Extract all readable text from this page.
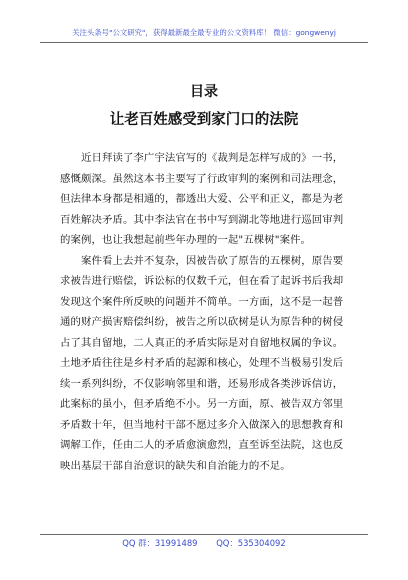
关注头条号"公文研究"，获得最新最全最专业的公文资料库！ 微信：gongwenyj
目录
让老百姓感受到家门口的法院
　　近日拜读了李广宇法官写的《裁判是怎样写成的》一书，
感慨颇深。虽然这本书主要写了行政审判的案例和司法理念，
但法律本身都是相通的，都透出大爱、公平和正义，都是为老
百姓解决矛盾。其中李法官在书中写到湖北等地进行巡回审判
的案例，也让我想起前些年办理的一起"五棵树"案件。
　　案件看上去并不复杂，因被告砍了原告的五棵树，原告要
求被告进行赔偿，诉讼标的仅数千元，但在看了起诉书后我却
发现这个案件所反映的问题并不简单。一方面，这不是一起普
通的财产损害赔偿纠纷，被告之所以砍树是认为原告种的树侵
占了其自留地，二人真正的矛盾实际是对自留地权属的争议。
土地矛盾往往是乡村矛盾的起源和核心，处理不当极易引发后
续一系列纠纷，不仅影响邻里和谐，还易形成各类涉诉信访，
此案标的虽小，但矛盾绝不小。另一方面，原、被告双方邻里
矛盾数十年，但当地村干部不愿过多介入做深入的思想教育和
调解工作，任由二人的矛盾愈演愈烈，直至诉至法院，这也反
映出基层干部自治意识的缺失和自治能力的不足。
QQ 群：31991489 QQ：535304092
